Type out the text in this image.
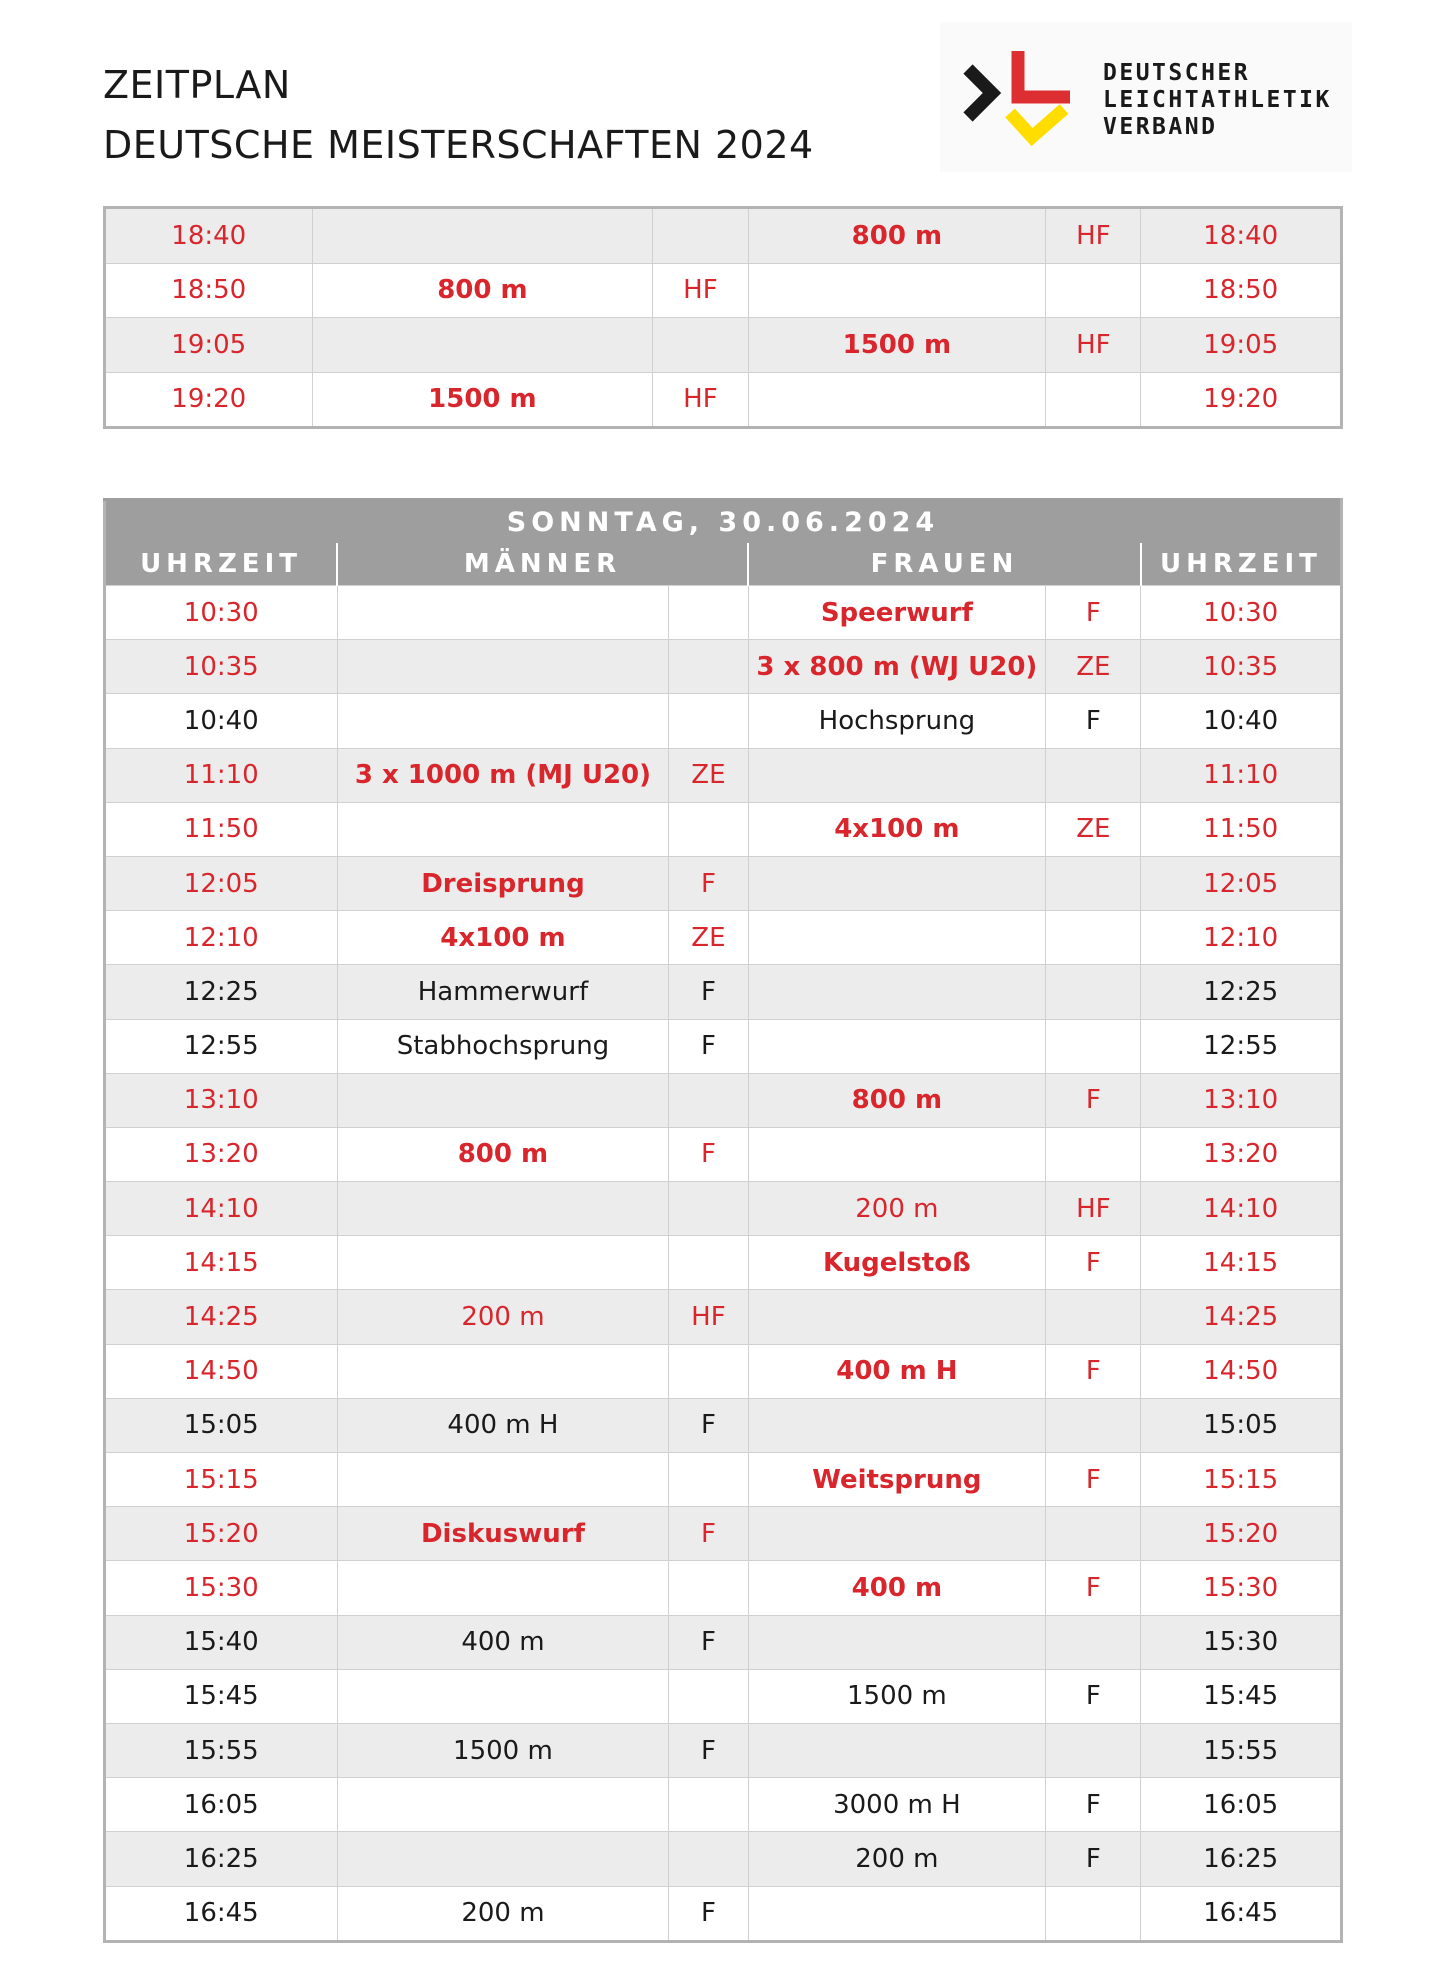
ZEITPLAN
DEUTSCHE MEISTERSCHAFTEN 2024
DEUTSCHER
LEICHTATHLETIK
VERBAND
18:40			800 m	HF	18:40
18:50	800 m	HF			18:50
19:05			1500 m	HF	19:05
19:20	1500 m	HF			19:20
SONNTAG, 30.06.2024					
UHRZEIT	MÄNNER		FRAUEN		UHRZEIT
10:30			Speerwurf	F	10:30
10:35			3 x 800 m (WJ U20)	ZE	10:35
10:40			Hochsprung	F	10:40
11:10	3 x 1000 m (MJ U20)	ZE			11:10
11:50			4x100 m	ZE	11:50
12:05	Dreisprung	F			12:05
12:10	4x100 m	ZE			12:10
12:25	Hammerwurf	F			12:25
12:55	Stabhochsprung	F			12:55
13:10			800 m	F	13:10
13:20	800 m	F			13:20
14:10			200 m	HF	14:10
14:15			Kugelstoß	F	14:15
14:25	200 m	HF			14:25
14:50			400 m H	F	14:50
15:05	400 m H	F			15:05
15:15			Weitsprung	F	15:15
15:20	Diskuswurf	F			15:20
15:30			400 m	F	15:30
15:40	400 m	F			15:30
15:45			1500 m	F	15:45
15:55	1500 m	F			15:55
16:05			3000 m H	F	16:05
16:25			200 m	F	16:25
16:45	200 m	F			16:45
